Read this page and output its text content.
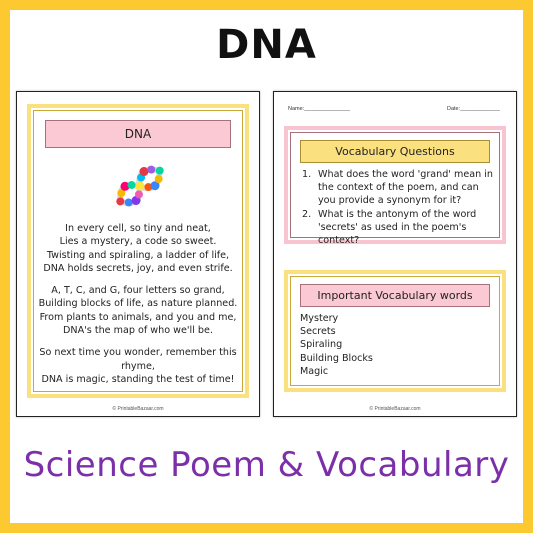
DNA
DNA

In every cell, so tiny and neat,
Lies a mystery, a code so sweet.
Twisting and spiraling, a ladder of life,
DNA holds secrets, joy, and even strife.

A, T, C, and G, four letters so grand,
Building blocks of life, as nature planned.
From plants to animals, and you and me,
DNA's the map of who we'll be.

So next time you wonder, remember this rhyme,
DNA is magic, standing the test of time!

© PrintableBazaar.com
Name:_______________	Date:_____________
Vocabulary Questions
1. What does the word 'grand' mean in the context of the poem, and can you provide a synonym for it?
2. What is the antonym of the word 'secrets' as used in the poem's context?
Important Vocabulary words
Mystery
Secrets
Spiraling
Building Blocks
Magic
© PrintableBazaar.com
Science Poem & Vocabulary
